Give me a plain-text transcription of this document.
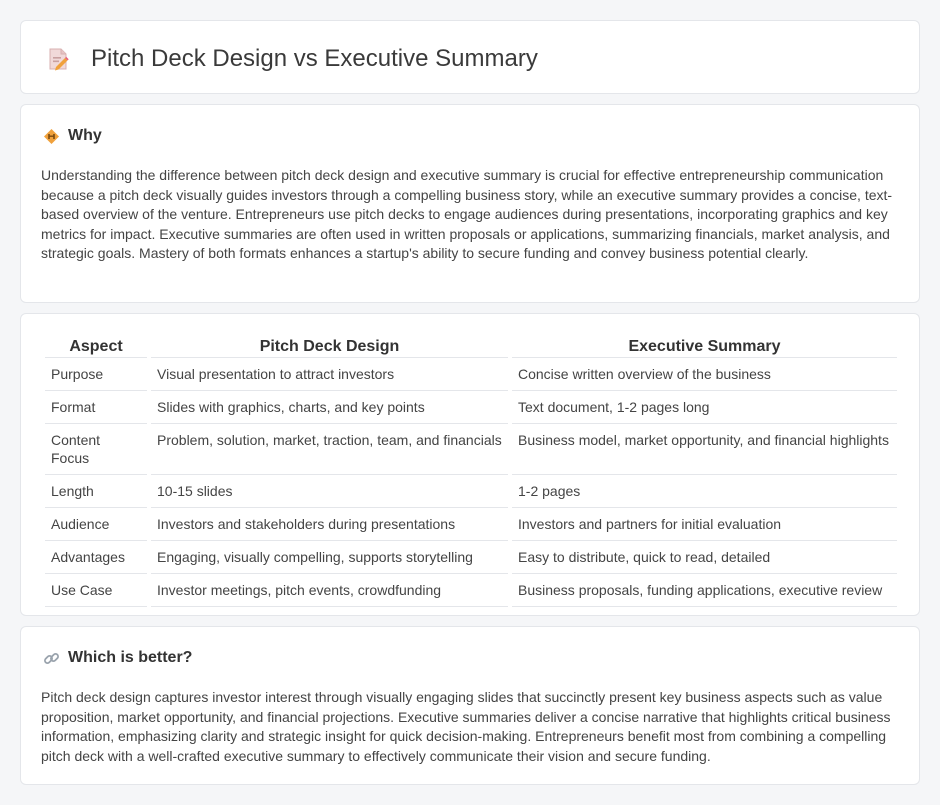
Pitch Deck Design vs Executive Summary
Why

Understanding the difference between pitch deck design and executive summary is crucial for effective entrepreneurship communication because a pitch deck visually guides investors through a compelling business story, while an executive summary provides a concise, text-based overview of the venture. Entrepreneurs use pitch decks to engage audiences during presentations, incorporating graphics and key metrics for impact. Executive summaries are often used in written proposals or applications, summarizing financials, market analysis, and strategic goals. Mastery of both formats enhances a startup's ability to secure funding and convey business potential clearly.

Aspect	Pitch Deck Design	Executive Summary
Purpose	Visual presentation to attract investors	Concise written overview of the business
Format	Slides with graphics, charts, and key points	Text document, 1-2 pages long
Content Focus	Problem, solution, market, traction, team, and financials	Business model, market opportunity, and financial highlights
Length	10-15 slides	1-2 pages
Audience	Investors and stakeholders during presentations	Investors and partners for initial evaluation
Advantages	Engaging, visually compelling, supports storytelling	Easy to distribute, quick to read, detailed
Use Case	Investor meetings, pitch events, crowdfunding	Business proposals, funding applications, executive review
Which is better?

Pitch deck design captures investor interest through visually engaging slides that succinctly present key business aspects such as value proposition, market opportunity, and financial projections. Executive summaries deliver a concise narrative that highlights critical business information, emphasizing clarity and strategic insight for quick decision-making. Entrepreneurs benefit most from combining a compelling pitch deck with a well-crafted executive summary to effectively communicate their vision and secure funding.
